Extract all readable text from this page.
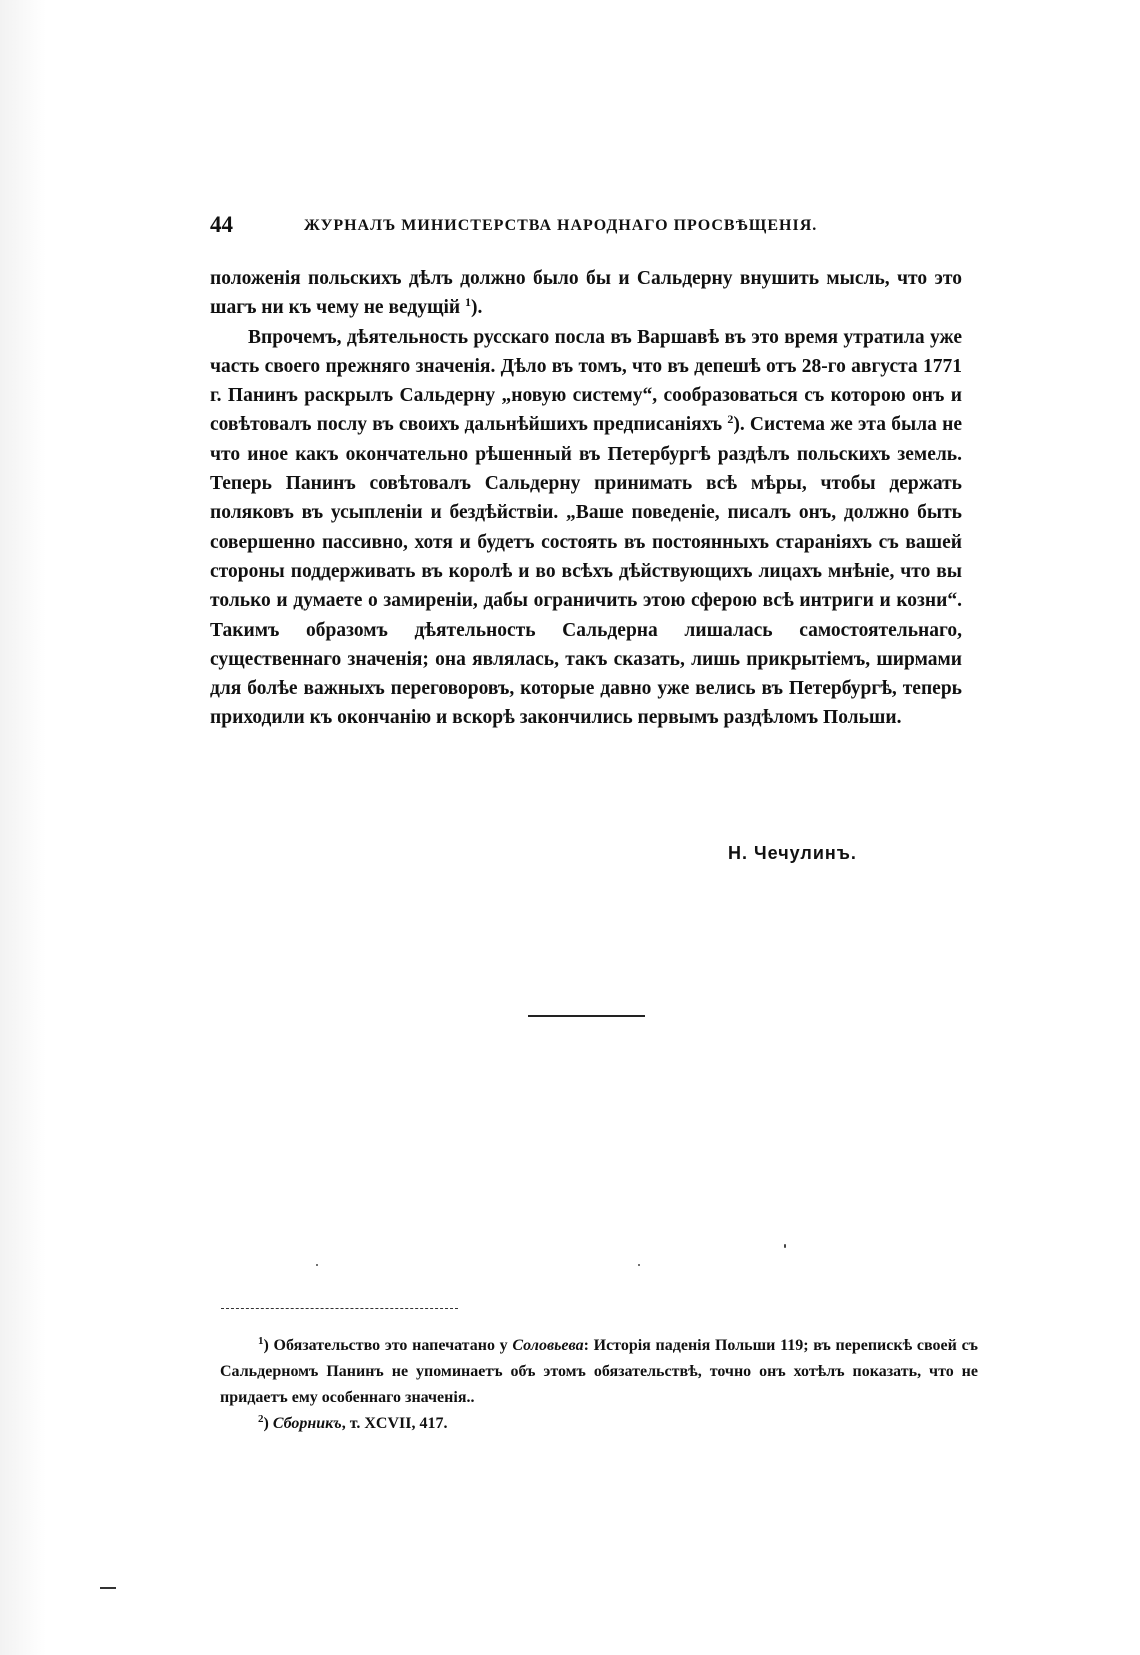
44	ЖУРНАЛЪ МИНИСТЕРСТВА НАРОДНАГО ПРОСВѢЩЕНІЯ.

положенія польскихъ дѣлъ должно было бы и Сальдерну внушить мысль, что это шагъ ни къ чему не ведущій $^1$).

Впрочемъ, дѣятельность русскаго посла въ Варшавѣ въ это время утратила уже часть своего прежняго значенія. Дѣло въ томъ, что въ депешѣ отъ 28-го августа 1771 г. Панинъ раскрылъ Сальдерну „новую систему“, сообразоваться съ которою онъ и совѣтовалъ послу въ своихъ дальнѣйшихъ предписаніяхъ $^2$). Система же эта была не что иное какъ окончательно рѣшенный въ Петербургѣ раздѣлъ польскихъ земель. Теперь Панинъ совѣтовалъ Сальдерну принимать всѣ мѣры, чтобы держать поляковъ въ усыпленіи и бездѣйствіи. „Ваше поведеніе, писалъ онъ, должно быть совершенно пассивно, хотя и будетъ состоять въ постоянныхъ стараніяхъ съ вашей стороны поддерживать въ королѣ и во всѣхъ дѣйствующихъ лицахъ мнѣніе, что вы только и думаете о замиреніи, дабы ограничить этою сферою всѣ интриги и козни“. Такимъ образомъ дѣятельность Сальдерна лишалась самостоятельнаго, существеннаго значенія; она являлась, такъ сказать, лишь прикрытіемъ, ширмами для болѣе важныхъ переговоровъ, которые давно уже велись въ Петербургѣ, теперь приходили къ окончанію и вскорѣ закончились первымъ раздѣломъ Польши.

Н. Чечулинъ.

$^1$) Обязательство это напечатано у Соловьева: Исторія паденія Польши 119; въ перепискѣ своей съ Сальдерномъ Панинъ не упоминаетъ объ этомъ обязательствѣ, точно онъ хотѣлъ показать, что не придаетъ ему особеннаго значенія..

$^2$) Сборникъ, т. XCVII, 417.
